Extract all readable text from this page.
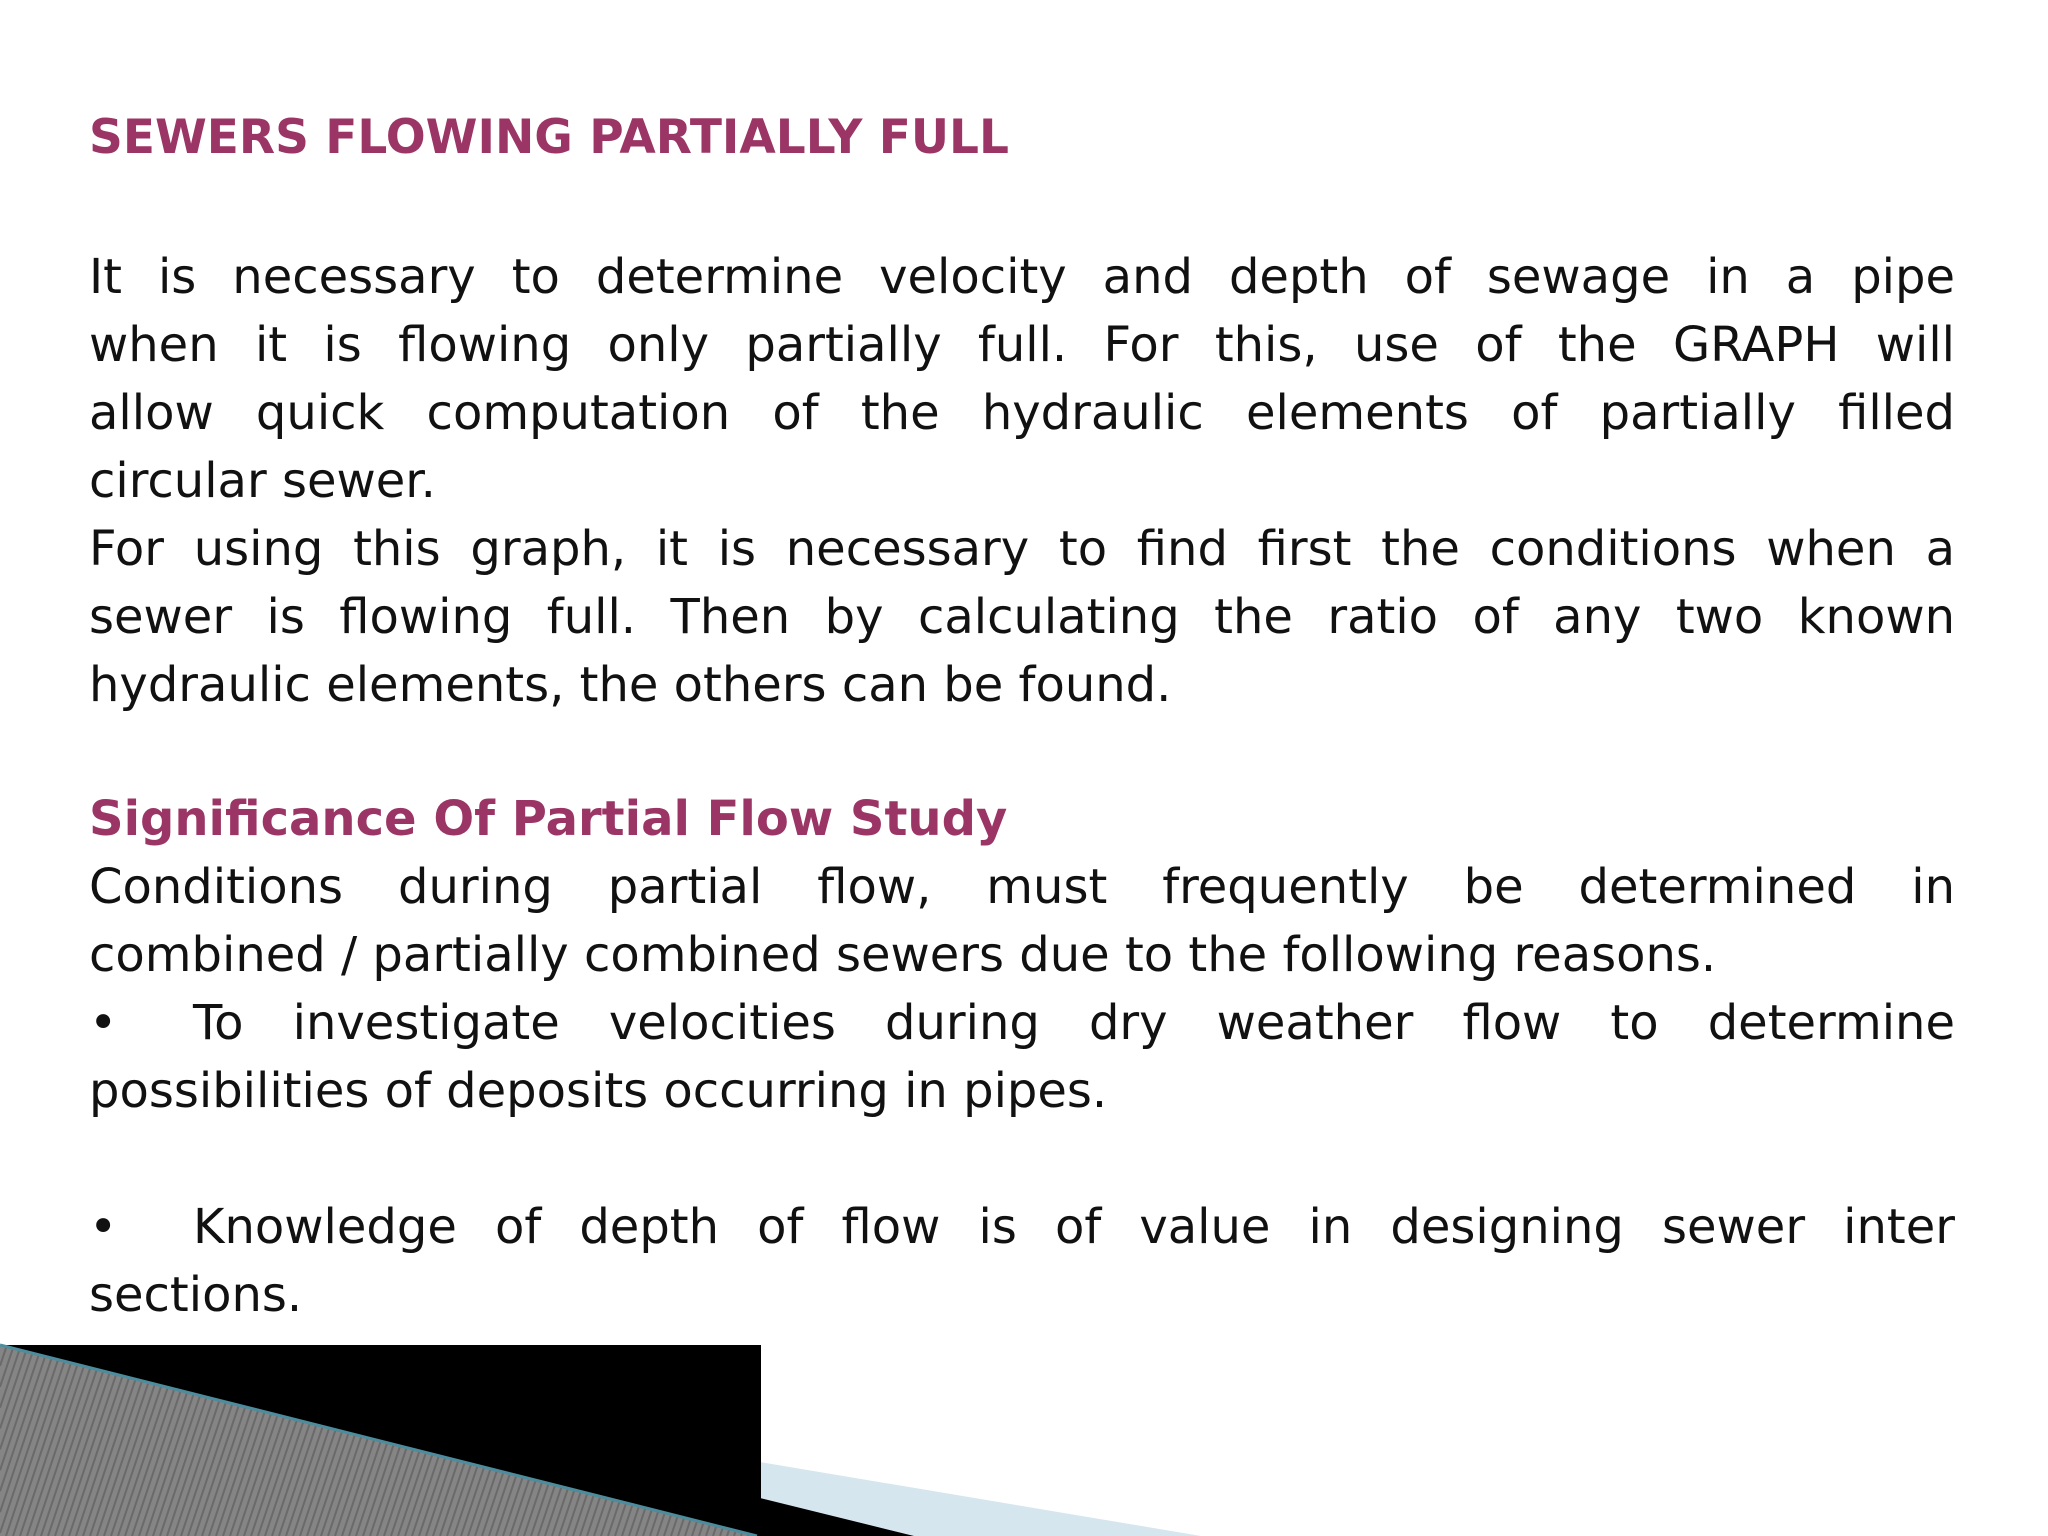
SEWERS FLOWING PARTIALLY FULL
It is necessary to determine velocity and depth of sewage in a pipe
when it is flowing only partially full. For this, use of the GRAPH will
allow quick computation of the hydraulic elements of partially filled
circular sewer.
For using this graph, it is necessary to find first the conditions when a
sewer is flowing full. Then by calculating the ratio of any two known
hydraulic elements, the others can be found.
Significance Of Partial Flow Study
Conditions during partial flow, must frequently be determined in
combined / partially combined sewers due to the following reasons.
• To investigate velocities during dry weather flow to determine
possibilities of deposits occurring in pipes.
• Knowledge of depth of flow is of value in designing sewer inter
sections.
